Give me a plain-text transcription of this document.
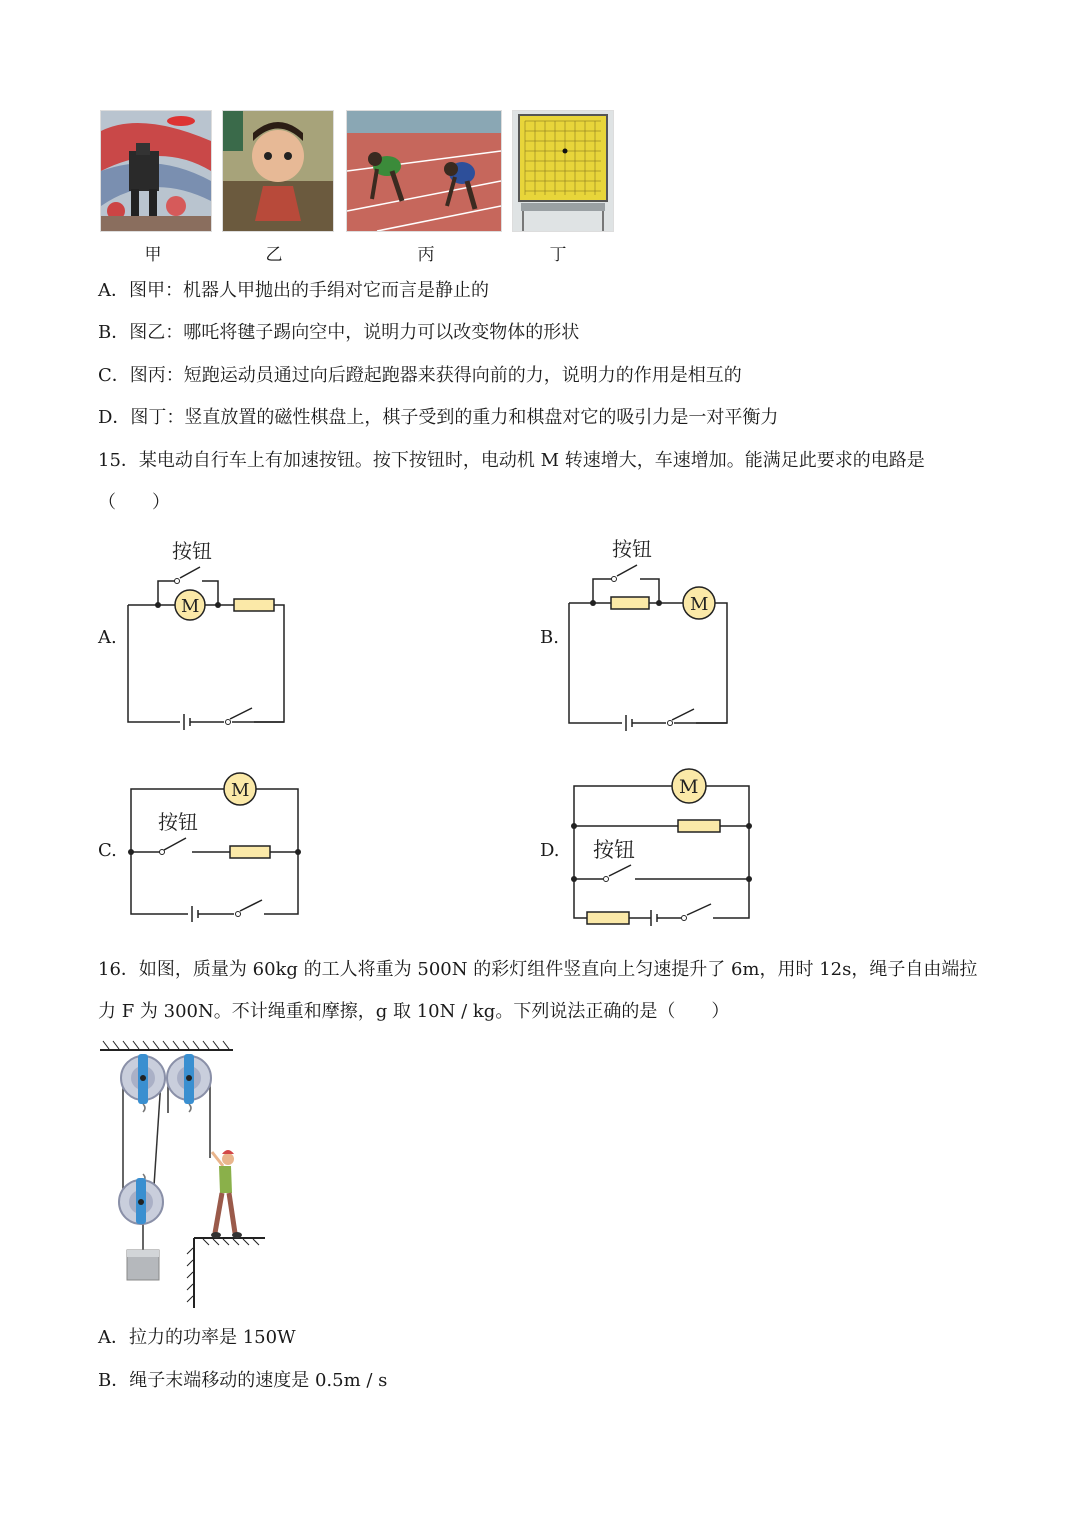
甲	乙	丙	丁
A．图甲：机器人甲抛出的手绢对它而言是静止的
B．图乙：哪吒将毽子踢向空中，说明力可以改变物体的形状
C．图丙：短跑运动员通过向后蹬起跑器来获得向前的力，说明力的作用是相互的
D．图丁：竖直放置的磁性棋盘上，棋子受到的重力和棋盘对它的吸引力是一对平衡力
15．某电动自行车上有加速按钮。按下按钮时，电动机 M 转速增大，车速增加。能满足此要求的电路是
（　　）
A.
按钮
M
B.
按钮
M
C.
M
按钮
D.
M
按钮
16．如图，质量为 60kg 的工人将重为 500N 的彩灯组件竖直向上匀速提升了 6m，用时 12s，绳子自由端拉
力 F 为 300N。不计绳重和摩擦，g 取 10N / kg。下列说法正确的是（　　）
A．拉力的功率是 150W
B．绳子末端移动的速度是 0.5m / s
